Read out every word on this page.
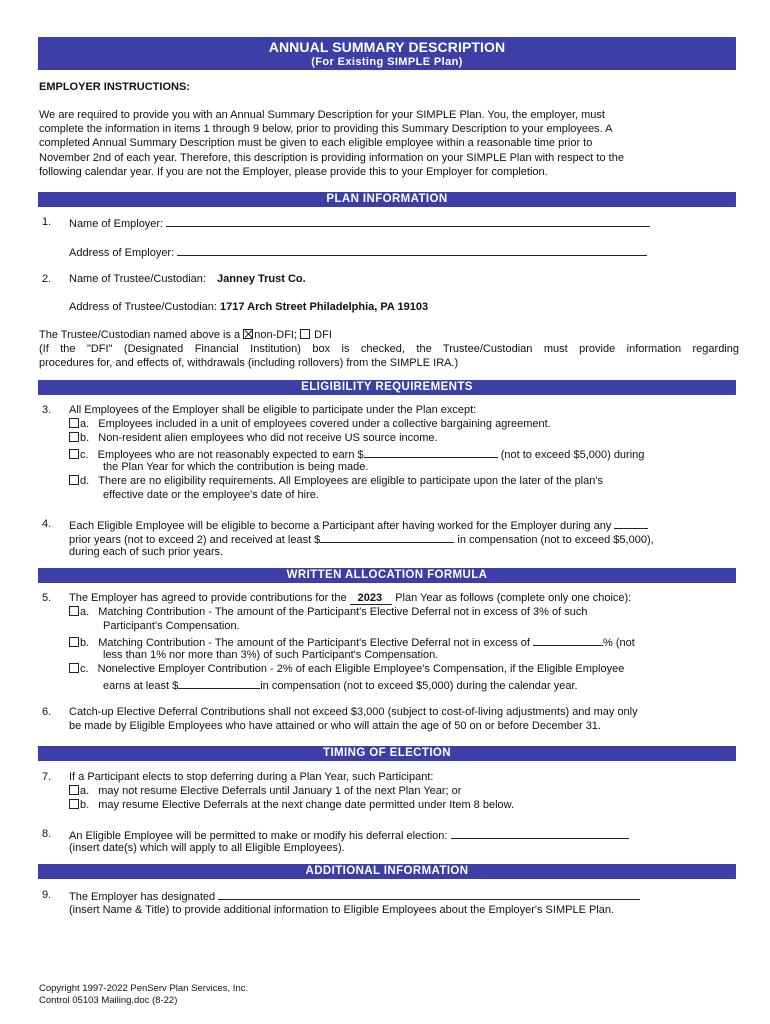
ANNUAL SUMMARY DESCRIPTION
(For Existing SIMPLE Plan)
EMPLOYER INSTRUCTIONS:
We are required to provide you with an Annual Summary Description for your SIMPLE Plan. You, the employer, must
complete the information in items 1 through 9 below, prior to providing this Summary Description to your employees. A
completed Annual Summary Description must be given to each eligible employee within a reasonable time prior to
November 2nd of each year. Therefore, this description is providing information on your SIMPLE Plan with respect to the
following calendar year. If you are not the Employer, please provide this to your Employer for completion.
PLAN INFORMATION
1. Name of Employer:
Address of Employer:
2. Name of Trustee/Custodian: Janney Trust Co.
Address of Trustee/Custodian: 1717 Arch Street Philadelphia, PA 19103
The Trustee/Custodian named above is a non-DFI; DFI
(If the "DFI" (Designated Financial Institution) box is checked, the Trustee/Custodian must provide information regarding
procedures for, and effects of, withdrawals (including rollovers) from the SIMPLE IRA.)
ELIGIBILITY REQUIREMENTS
3. All Employees of the Employer shall be eligible to participate under the Plan except:
a. Employees included in a unit of employees covered under a collective bargaining agreement.
b. Non-resident alien employees who did not receive US source income.
c. Employees who are not reasonably expected to earn $	(not to exceed $5,000) during
the Plan Year for which the contribution is being made.
d. There are no eligibility requirements. All Employees are eligible to participate upon the later of the plan's
effective date or the employee's date of hire.
4. Each Eligible Employee will be eligible to become a Participant after having worked for the Employer during any
prior years (not to exceed 2) and received at least $	in compensation (not to exceed $5,000),
during each of such prior years.
WRITTEN ALLOCATION FORMULA
5. The Employer has agreed to provide contributions for the 2023 Plan Year as follows (complete only one choice):
a. Matching Contribution - The amount of the Participant's Elective Deferral not in excess of 3% of such
Participant's Compensation.
b. Matching Contribution - The amount of the Participant's Elective Deferral not in excess of	% (not
less than 1% nor more than 3%) of such Participant's Compensation.
c. Nonelective Employer Contribution - 2% of each Eligible Employee's Compensation, if the Eligible Employee
earns at least $	in compensation (not to exceed $5,000) during the calendar year.
6. Catch-up Elective Deferral Contributions shall not exceed $3,000 (subject to cost-of-living adjustments) and may only
be made by Eligible Employees who have attained or who will attain the age of 50 on or before December 31.
TIMING OF ELECTION
7. If a Participant elects to stop deferring during a Plan Year, such Participant:
a. may not resume Elective Deferrals until January 1 of the next Plan Year; or
b. may resume Elective Deferrals at the next change date permitted under Item 8 below.
8. An Eligible Employee will be permitted to make or modify his deferral election:
(insert date(s) which will apply to all Eligible Employees).
ADDITIONAL INFORMATION
9. The Employer has designated
(insert Name & Title) to provide additional information to Eligible Employees about the Employer's SIMPLE Plan.
Copyright 1997-2022 PenServ Plan Services, Inc.
Control 05103 Mailing.doc (8-22)
